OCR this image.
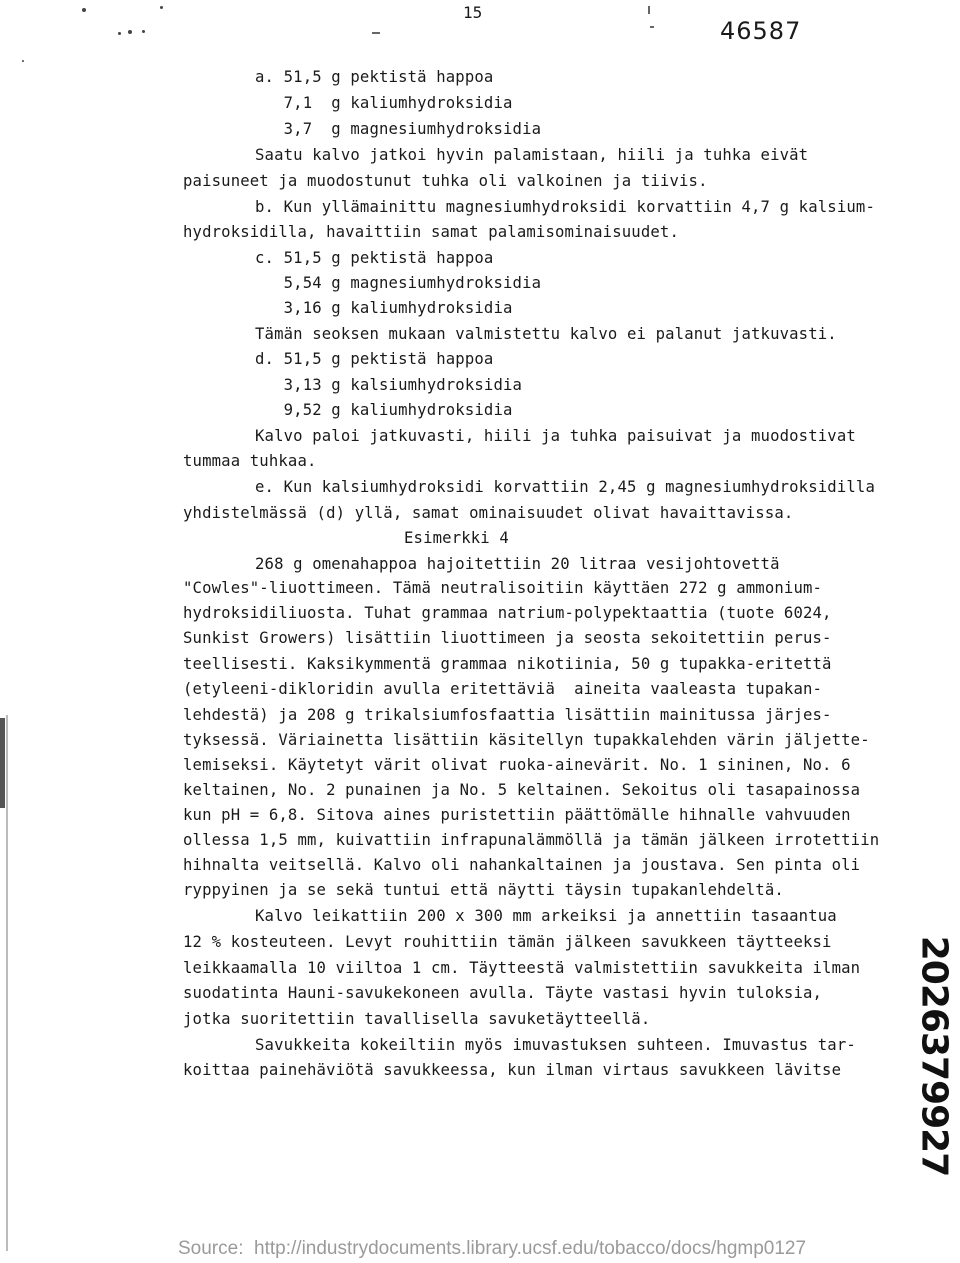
15
46587
a. 51,5 g pektistä happoa
7,1  g kaliumhydroksidia
3,7  g magnesiumhydroksidia
Saatu kalvo jatkoi hyvin palamistaan, hiili ja tuhka eivät
paisuneet ja muodostunut tuhka oli valkoinen ja tiivis.
b. Kun yllämainittu magnesiumhydroksidi korvattiin 4,7 g kalsium-
hydroksidilla, havaittiin samat palamisominaisuudet.
c. 51,5 g pektistä happoa
5,54 g magnesiumhydroksidia
3,16 g kaliumhydroksidia
Tämän seoksen mukaan valmistettu kalvo ei palanut jatkuvasti.
d. 51,5 g pektistä happoa
3,13 g kalsiumhydroksidia
9,52 g kaliumhydroksidia
Kalvo paloi jatkuvasti, hiili ja tuhka paisuivat ja muodostivat
tummaa tuhkaa.
e. Kun kalsiumhydroksidi korvattiin 2,45 g magnesiumhydroksidilla
yhdistelmässä (d) yllä, samat ominaisuudet olivat havaittavissa.
Esimerkki 4
268 g omenahappoa hajoitettiin 20 litraa vesijohtovettä
"Cowles"-liuottimeen. Tämä neutralisoitiin käyttäen 272 g ammonium-
hydroksidiliuosta. Tuhat grammaa natrium-polypektaattia (tuote 6024,
Sunkist Growers) lisättiin liuottimeen ja seosta sekoitettiin perus-
teellisesti. Kaksikymmentä grammaa nikotiinia, 50 g tupakka-eritettä
(etyleeni-dikloridin avulla eritettäviä  aineita vaaleasta tupakan-
lehdestä) ja 208 g trikalsiumfosfaattia lisättiin mainitussa järjes-
tyksessä. Väriainetta lisättiin käsitellyn tupakkalehden värin jäljette-
lemiseksi. Käytetyt värit olivat ruoka-ainevärit. No. 1 sininen, No. 6
keltainen, No. 2 punainen ja No. 5 keltainen. Sekoitus oli tasapainossa
kun pH = 6,8. Sitova aines puristettiin päättömälle hihnalle vahvuuden
ollessa 1,5 mm, kuivattiin infrapunalämmöllä ja tämän jälkeen irrotettiin
hihnalta veitsellä. Kalvo oli nahankaltainen ja joustava. Sen pinta oli
ryppyinen ja se sekä tuntui että näytti täysin tupakanlehdeltä.
Kalvo leikattiin 200 x 300 mm arkeiksi ja annettiin tasaantua
12 % kosteuteen. Levyt rouhittiin tämän jälkeen savukkeen täytteeksi
leikkaamalla 10 viiltoa 1 cm. Täytteestä valmistettiin savukkeita ilman
suodatinta Hauni-savukekoneen avulla. Täyte vastasi hyvin tuloksia,
jotka suoritettiin tavallisella savuketäytteellä.
Savukkeita kokeiltiin myös imuvastuksen suhteen. Imuvastus tar-
koittaa painehäviötä savukkeessa, kun ilman virtaus savukkeen lävitse 2026379927
Source:  http://industrydocuments.library.ucsf.edu/tobacco/docs/hgmp0127
